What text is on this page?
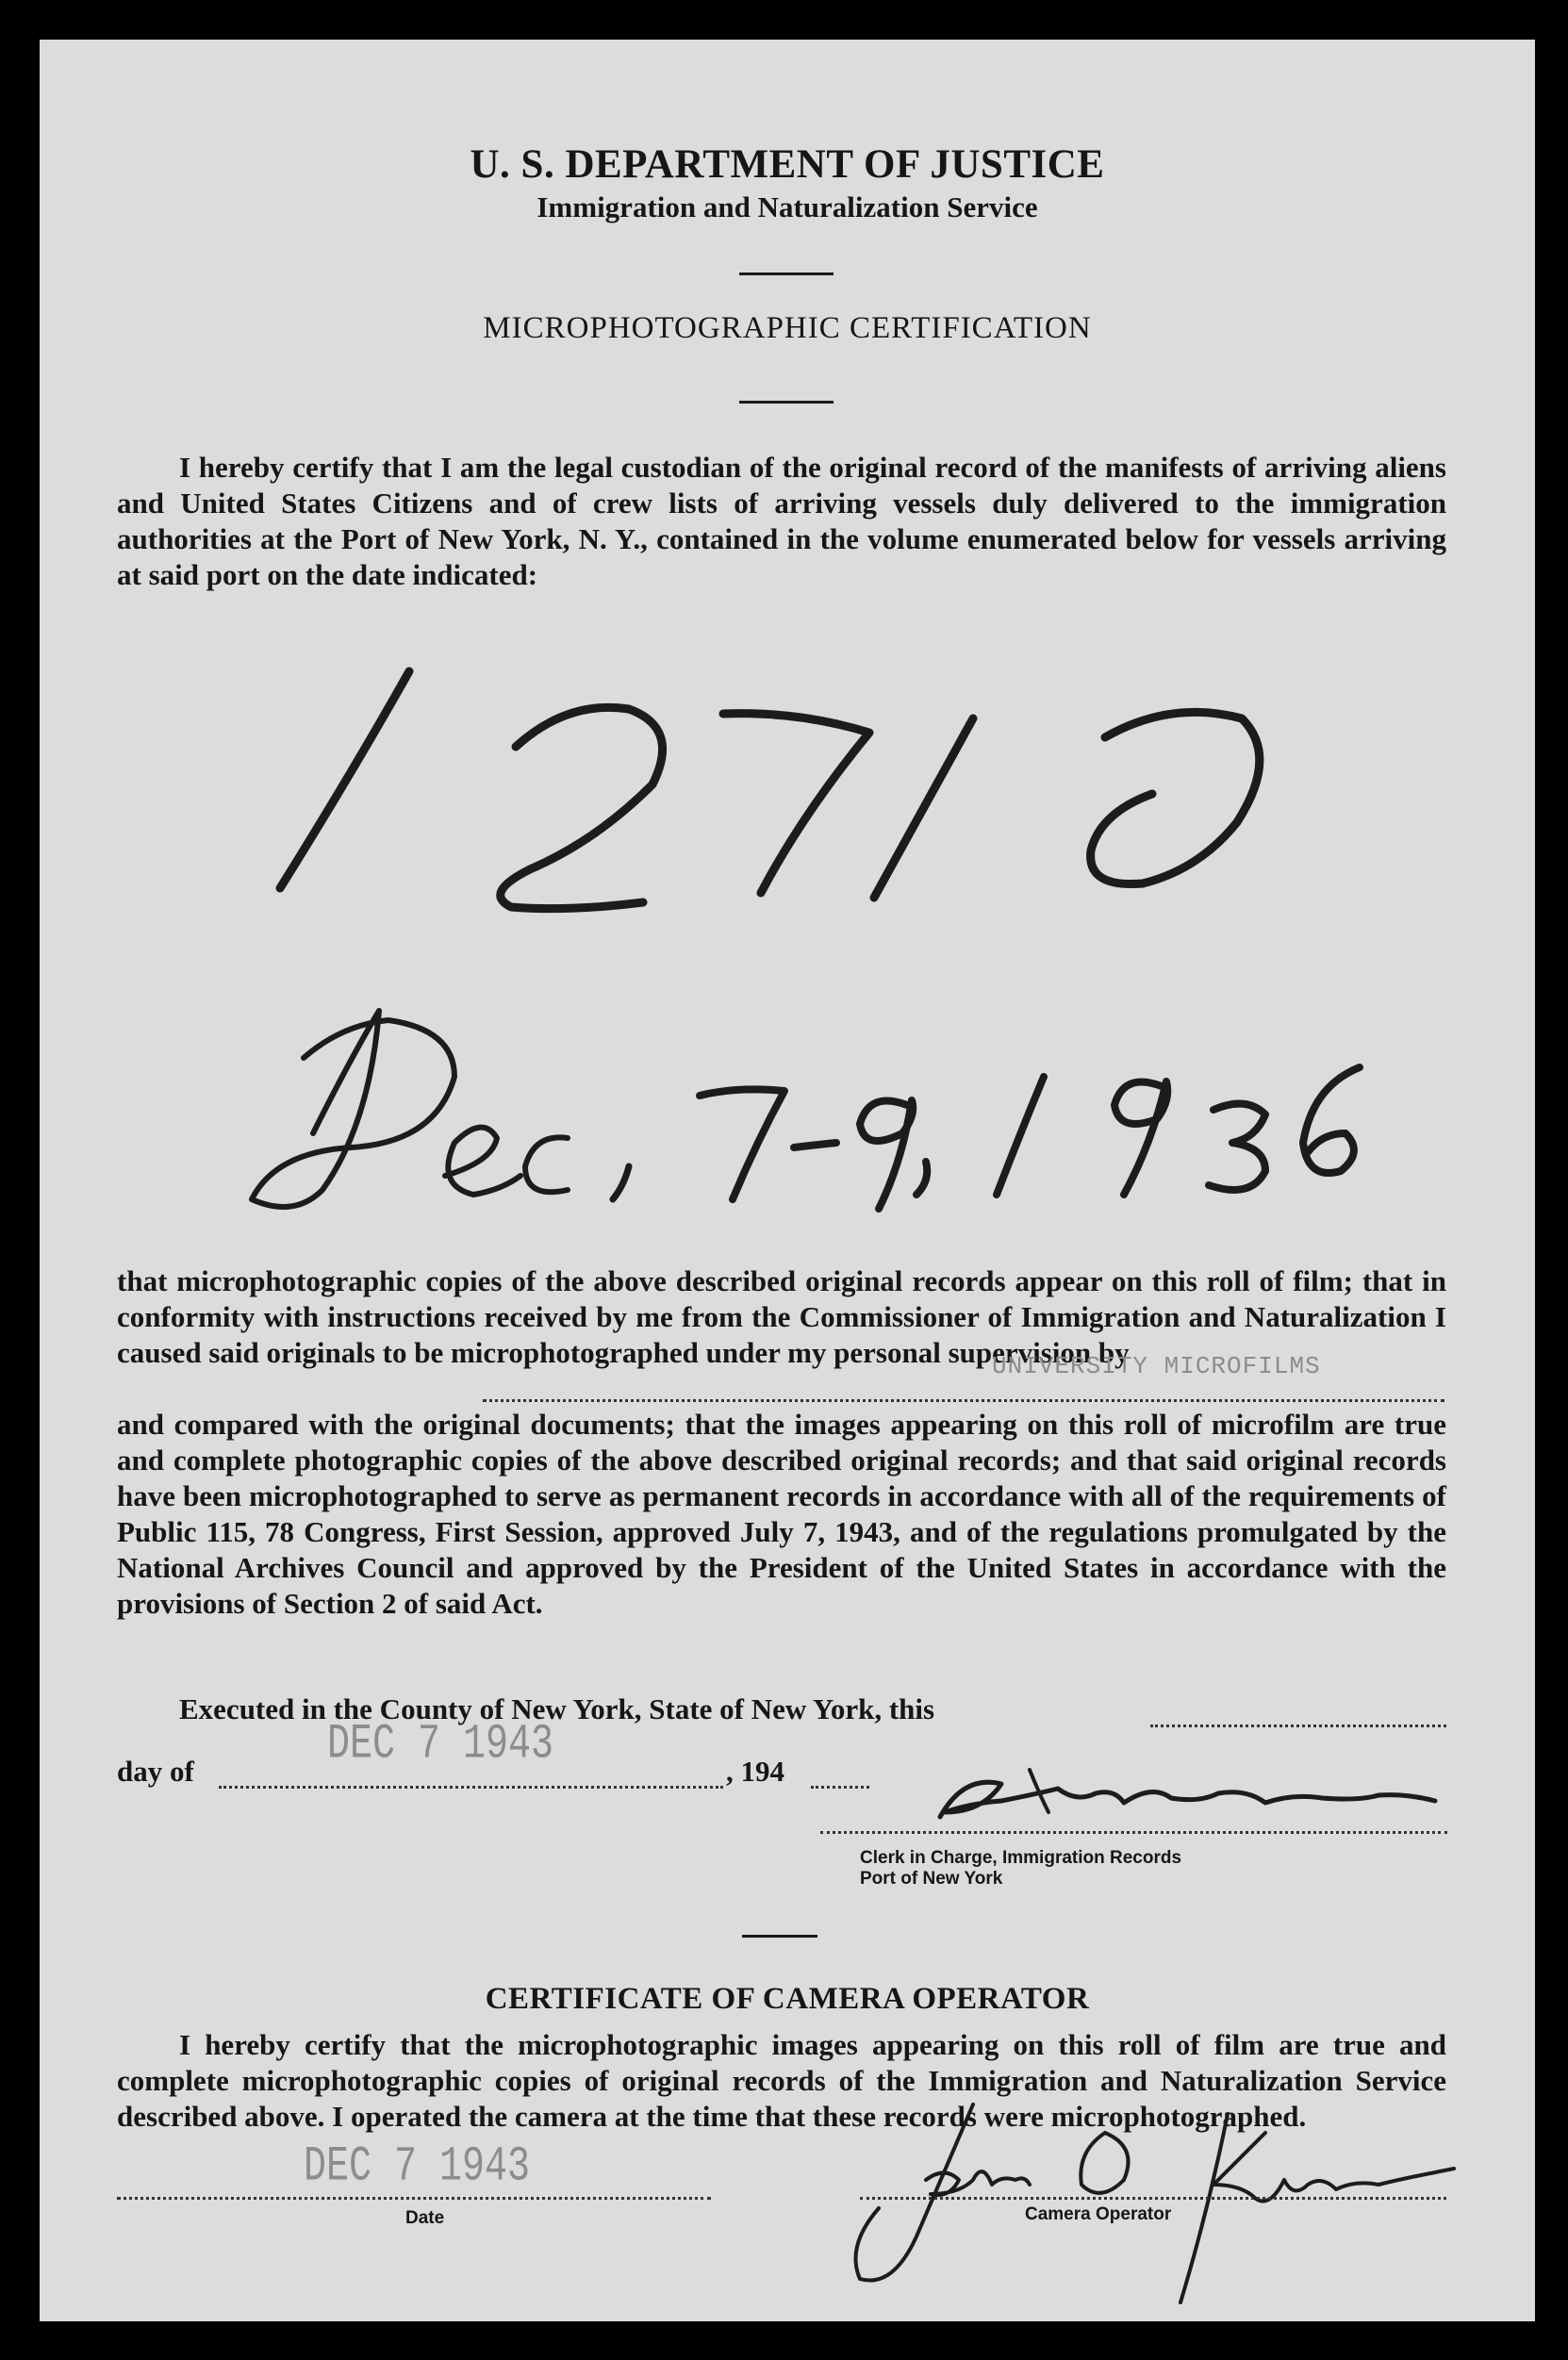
U. S. DEPARTMENT OF JUSTICE
Immigration and Naturalization Service
MICROPHOTOGRAPHIC CERTIFICATION
I hereby certify that I am the legal custodian of the original record of the manifests of arriving aliens and United States Citizens and of crew lists of arriving vessels duly delivered to the immigration authorities at the Port of New York, N. Y., contained in the volume enumerated below for vessels arriving at said port on the date indicated:
that microphotographic copies of the above described original records appear on this roll of film; that in conformity with instructions received by me from the Commissioner of Immigration and Naturalization I caused said originals to be microphotographed under my personal supervision by
UNIVERSITY MICROFILMS
and compared with the original documents; that the images appearing on this roll of microfilm are true and complete photographic copies of the above described original records; and that said original records have been microphotographed to serve as permanent records in accordance with all of the requirements of Public 115, 78 Congress, First Session, approved July 7, 1943, and of the regulations promulgated by the National Archives Council and approved by the President of the United States in accordance with the provisions of Section 2 of said Act.
Executed in the County of New York, State of New York, this
day of	DEC 7 1943	, 194
Clerk in Charge, Immigration Records
Port of New York
CERTIFICATE OF CAMERA OPERATOR
I hereby certify that the microphotographic images appearing on this roll of film are true and complete microphotographic copies of original records of the Immigration and Naturalization Service described above. I operated the camera at the time that these records were microphotographed.
DEC 7 1943
Date	Camera Operator
